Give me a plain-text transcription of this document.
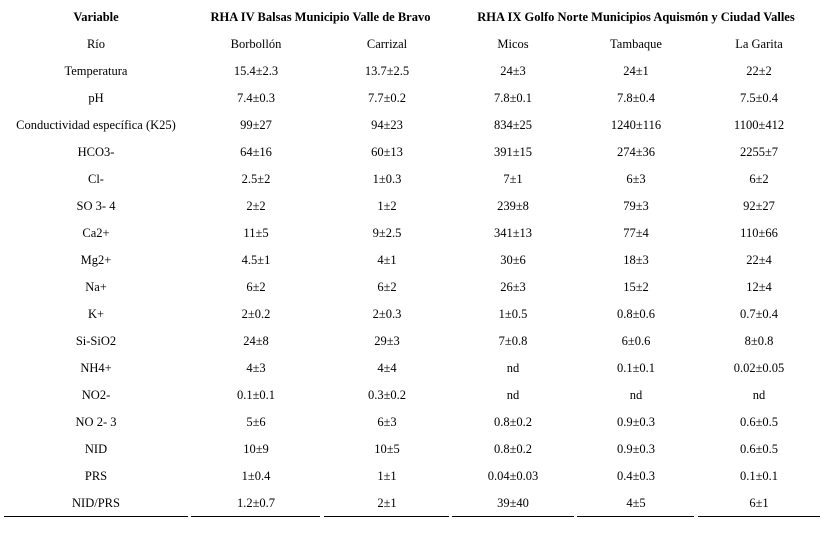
Variable	RHA IV Balsas Municipio Valle de Bravo	RHA IX Golfo Norte Municipios Aquismón y Ciudad Valles
Río	Borbollón	Carrizal	Micos	Tambaque	La Garita
Temperatura	15.4±2.3	13.7±2.5	24±3	24±1	22±2
pH	7.4±0.3	7.7±0.2	7.8±0.1	7.8±0.4	7.5±0.4
Conductividad específica (K25)	99±27	94±23	834±25	1240±116	1100±412
HCO3-	64±16	60±13	391±15	274±36	2255±7
Cl-	2.5±2	1±0.3	7±1	6±3	6±2
SO 3- 4	2±2	1±2	239±8	79±3	92±27
Ca2+	11±5	9±2.5	341±13	77±4	110±66
Mg2+	4.5±1	4±1	30±6	18±3	22±4
Na+	6±2	6±2	26±3	15±2	12±4
K+	2±0.2	2±0.3	1±0.5	0.8±0.6	0.7±0.4
Si-SiO2	24±8	29±3	7±0.8	6±0.6	8±0.8
NH4+	4±3	4±4	nd	0.1±0.1	0.02±0.05
NO2-	0.1±0.1	0.3±0.2	nd	nd	nd
NO 2- 3	5±6	6±3	0.8±0.2	0.9±0.3	0.6±0.5
NID	10±9	10±5	0.8±0.2	0.9±0.3	0.6±0.5
PRS	1±0.4	1±1	0.04±0.03	0.4±0.3	0.1±0.1
NID/PRS	1.2±0.7	2±1	39±40	4±5	6±1
